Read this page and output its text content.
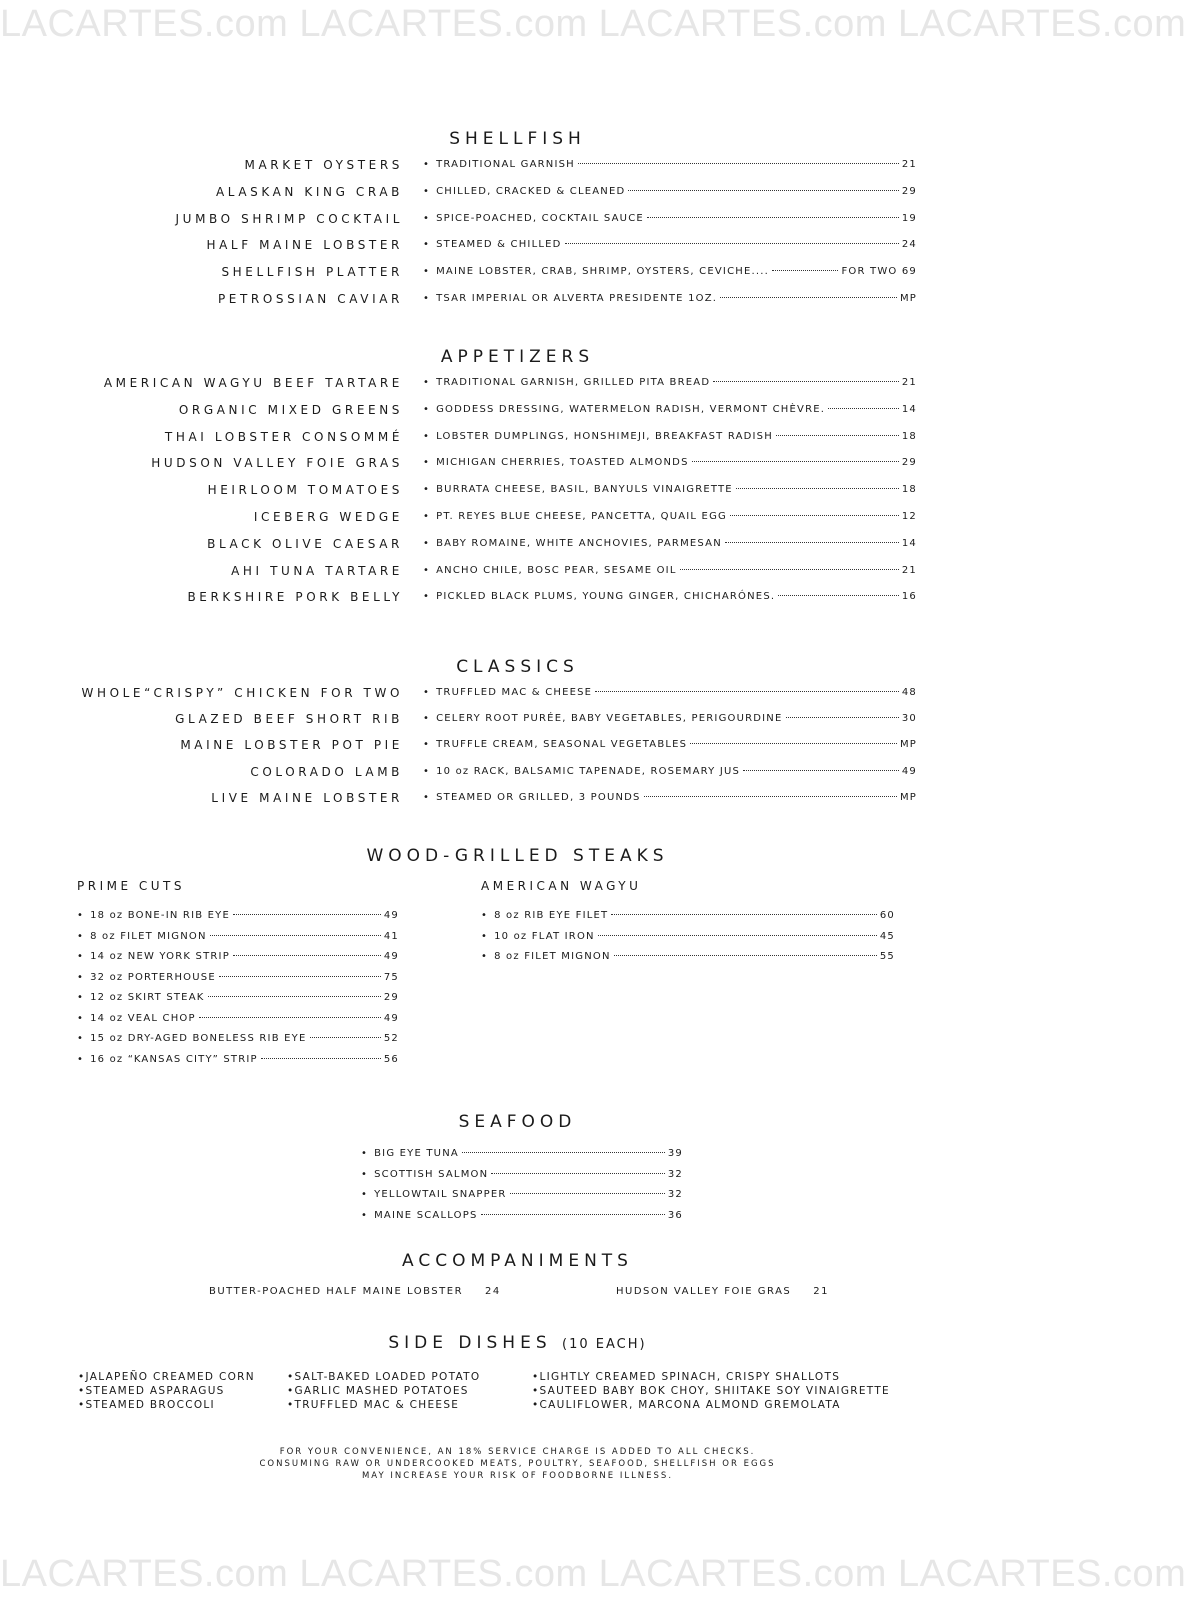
LACARTES.com LACARTES.com LACARTES.com LACARTES.com
LACARTES.com LACARTES.com LACARTES.com LACARTES.com
SHELLFISH
MARKET OYSTERS • TRADITIONAL GARNISH	21
ALASKAN KING CRAB • CHILLED, CRACKED & CLEANED	29
JUMBO SHRIMP COCKTAIL • SPICE-POACHED, COCKTAIL SAUCE	19
HALF MAINE LOBSTER • STEAMED & CHILLED	24
SHELLFISH PLATTER • MAINE LOBSTER, CRAB, SHRIMP, OYSTERS, CEVICHE....	FOR TWO 69
PETROSSIAN CAVIAR • TSAR IMPERIAL OR ALVERTA PRESIDENTE 1OZ.	MP
APPETIZERS
AMERICAN WAGYU BEEF TARTARE • TRADITIONAL GARNISH, GRILLED PITA BREAD	21
ORGANIC MIXED GREENS • GODDESS DRESSING, WATERMELON RADISH, VERMONT CHÈVRE.	14
THAI LOBSTER CONSOMMÉ • LOBSTER DUMPLINGS, HONSHIMEJI, BREAKFAST RADISH	18
HUDSON VALLEY FOIE GRAS • MICHIGAN CHERRIES, TOASTED ALMONDS	29
HEIRLOOM TOMATOES • BURRATA CHEESE, BASIL, BANYULS VINAIGRETTE	18
ICEBERG WEDGE • PT. REYES BLUE CHEESE, PANCETTA, QUAIL EGG	12
BLACK OLIVE CAESAR • BABY ROMAINE, WHITE ANCHOVIES, PARMESAN	14
AHI TUNA TARTARE • ANCHO CHILE, BOSC PEAR, SESAME OIL	21
BERKSHIRE PORK BELLY • PICKLED BLACK PLUMS, YOUNG GINGER, CHICHARÓNES.	16
CLASSICS
WHOLE“CRISPY” CHICKEN FOR TWO • TRUFFLED MAC & CHEESE	48
GLAZED BEEF SHORT RIB • CELERY ROOT PURÉE, BABY VEGETABLES, PERIGOURDINE	30
MAINE LOBSTER POT PIE • TRUFFLE CREAM, SEASONAL VEGETABLES	MP
COLORADO LAMB • 10 oz RACK, BALSAMIC TAPENADE, ROSEMARY JUS	49
LIVE MAINE LOBSTER • STEAMED OR GRILLED, 3 POUNDS	MP
WOOD-GRILLED STEAKS
PRIME CUTS	AMERICAN WAGYU
• 18 oz BONE-IN RIB EYE	49
• 8 oz FILET MIGNON	41
• 14 oz NEW YORK STRIP	49
• 32 oz PORTERHOUSE	75
• 12 oz SKIRT STEAK	29
• 14 oz VEAL CHOP	49
• 15 oz DRY-AGED BONELESS RIB EYE	52
• 16 oz “KANSAS CITY” STRIP	56
• 8 oz RIB EYE FILET	60
• 10 oz FLAT IRON	45
• 8 oz FILET MIGNON	55
SEAFOOD
• BIG EYE TUNA	39
• SCOTTISH SALMON	32
• YELLOWTAIL SNAPPER	32
• MAINE SCALLOPS	36
ACCOMPANIMENTS
BUTTER-POACHED HALF MAINE LOBSTER 24	HUDSON VALLEY FOIE GRAS 21
SIDE DISHES (10 EACH)
•JALAPEÑO CREAMED CORN
•STEAMED ASPARAGUS
•STEAMED BROCCOLI
•SALT-BAKED LOADED POTATO
•GARLIC MASHED POTATOES
•TRUFFLED MAC & CHEESE
•LIGHTLY CREAMED SPINACH, CRISPY SHALLOTS
•SAUTEED BABY BOK CHOY, SHIITAKE SOY VINAIGRETTE
•CAULIFLOWER, MARCONA ALMOND GREMOLATA
FOR YOUR CONVENIENCE, AN 18% SERVICE CHARGE IS ADDED TO ALL CHECKS.
CONSUMING RAW OR UNDERCOOKED MEATS, POULTRY, SEAFOOD, SHELLFISH OR EGGS
MAY INCREASE YOUR RISK OF FOODBORNE ILLNESS.
